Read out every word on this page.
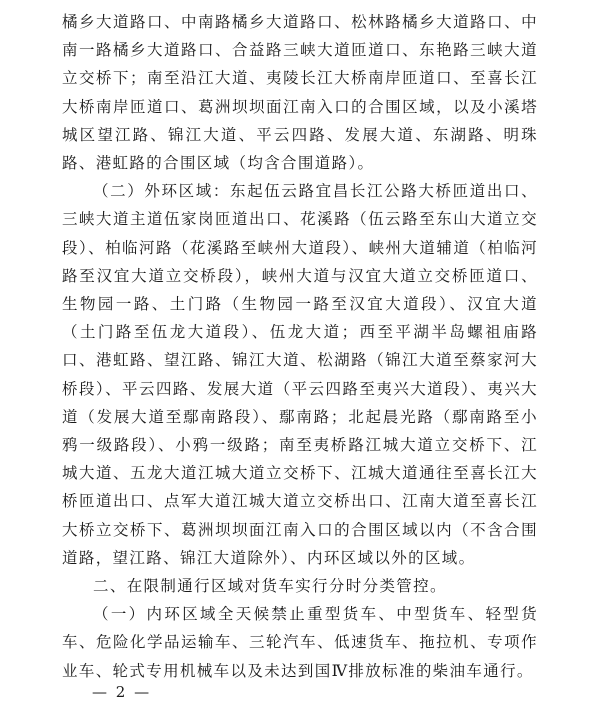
橘乡大道路口、中南路橘乡大道路口、松林路橘乡大道路口、中南一路橘乡大道路口、合益路三峡大道匝道口、东艳路三峡大道立交桥下；南至沿江大道、夷陵长江大桥南岸匝道口、至喜长江大桥南岸匝道口、葛洲坝坝面江南入口的合围区域，以及小溪塔城区望江路、锦江大道、平云四路、发展大道、东湖路、明珠路、港虹路的合围区域（均含合围道路）。

（二）外环区域：东起伍云路宜昌长江公路大桥匝道出口、三峡大道主道伍家岗匝道出口、花溪路（伍云路至东山大道立交段）、柏临河路（花溪路至峡州大道段）、峡州大道辅道（柏临河路至汉宜大道立交桥段），峡州大道与汉宜大道立交桥匝道口、生物园一路、土门路（生物园一路至汉宜大道段）、汉宜大道（土门路至伍龙大道段）、伍龙大道；西至平湖半岛螺祖庙路口、港虹路、望江路、锦江大道、松湖路（锦江大道至蔡家河大桥段）、平云四路、发展大道（平云四路至夷兴大道段）、夷兴大道（发展大道至鄢南路段）、鄢南路；北起晨光路（鄢南路至小鸦一级路段）、小鸦一级路；南至夷桥路江城大道立交桥下、江城大道、五龙大道江城大道立交桥下、江城大道通往至喜长江大桥匝道出口、点军大道江城大道立交桥出口、江南大道至喜长江大桥立交桥下、葛洲坝坝面江南入口的合围区域以内（不含合围道路，望江路、锦江大道除外）、内环区域以外的区域。

二、在限制通行区域对货车实行分时分类管控。

（一）内环区域全天候禁止重型货车、中型货车、轻型货车、危险化学品运输车、三轮汽车、低速货车、拖拉机、专项作业车、轮式专用机械车以及未达到国Ⅳ排放标准的柴油车通行。

— 2 —
